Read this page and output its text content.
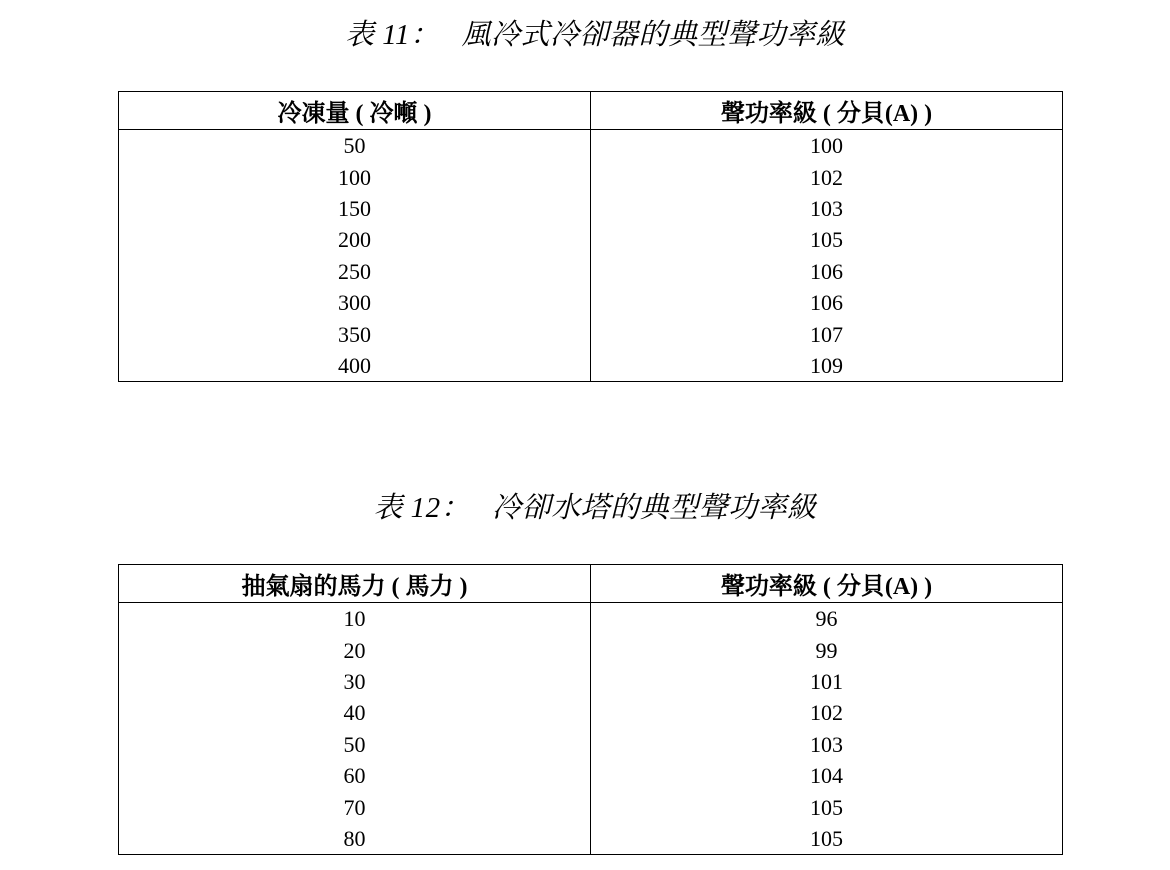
表 11： 風冷式冷卻器的典型聲功率級
冷凍量 ( 冷噸 )	聲功率級 ( 分貝(A) )
50	100
100	102
150	103
200	105
250	106
300	106
350	107
400	109
表 12： 冷卻水塔的典型聲功率級
抽氣扇的馬力 ( 馬力 )	聲功率級 ( 分貝(A) )
10	96
20	99
30	101
40	102
50	103
60	104
70	105
80	105
